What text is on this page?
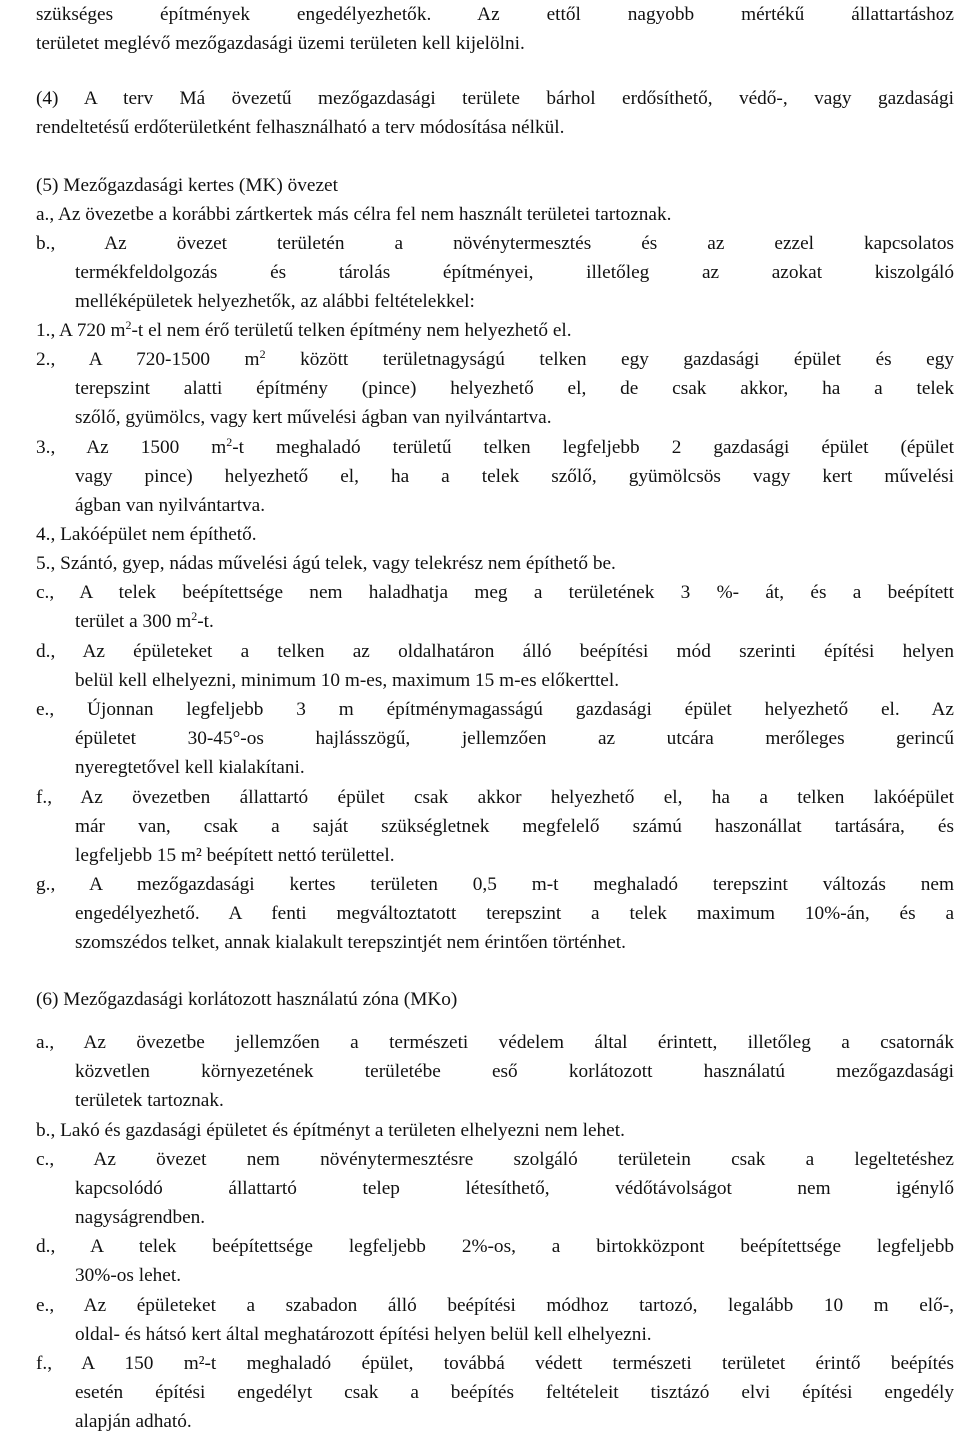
szükséges építmények engedélyezhetők. Az ettől nagyobb mértékű állattartáshoz
területet meglévő mezőgazdasági üzemi területen kell kijelölni.
(4) A terv Má övezetű mezőgazdasági területe bárhol erdősíthető, védő-, vagy gazdasági
rendeltetésű erdőterületként felhasználható a terv módosítása nélkül.
(5) Mezőgazdasági kertes (MK) övezet
a., Az övezetbe a korábbi zártkertek más célra fel nem használt területei tartoznak.
b., Az övezet területén a növénytermesztés és az ezzel kapcsolatos
termékfeldolgozás és tárolás építményei, illetőleg az azokat kiszolgáló
melléképületek helyezhetők, az alábbi feltételekkel:
1., A 720 $m^2-t$ el nem érő területű telken építmény nem helyezhető el.
2., A 720-1500 $m^2$ között területnagyságú telken egy gazdasági épület és egy
terepszint alatti építmény (pince) helyezhető el, de csak akkor, ha a telek
szőlő, gyümölcs, vagy kert művelési ágban van nyilvántartva.
3., Az 1500 $m^2-t$ meghaladó területű telken legfeljebb 2 gazdasági épület (épület
vagy pince) helyezhető el, ha a telek szőlő, gyümölcsös vagy kert művelési
ágban van nyilvántartva.
4., Lakóépület nem építhető.
5., Szántó, gyep, nádas művelési ágú telek, vagy telekrész nem építhető be.
c., A telek beépítettsége nem haladhatja meg a területének 3 %- át, és a beépített
terület a 300 $m^2-t$.
d., Az épületeket a telken az oldalhatáron álló beépítési mód szerinti építési helyen
belül kell elhelyezni, minimum 10 m-es, maximum 15 m-es előkerttel.
e., Újonnan legfeljebb 3 m építménymagasságú gazdasági épület helyezhető el. Az
épületet 30-45°-os hajlásszögű, jellemzően az utcára merőleges gerincű
nyeregtetővel kell kialakítani.
f., Az övezetben állattartó épület csak akkor helyezhető el, ha a telken lakóépület
már van, csak a saját szükségletnek megfelelő számú haszonállat tartására, és
legfeljebb 15 m² beépített nettó területtel.
g., A mezőgazdasági kertes területen 0,5 m-t meghaladó terepszint változás nem
engedélyezhető. A fenti megváltoztatott terepszint a telek maximum 10%-án, és a
szomszédos telket, annak kialakult terepszintjét nem érintően történhet.
(6) Mezőgazdasági korlátozott használatú zóna (MKo)
a., Az övezetbe jellemzően a természeti védelem által érintett, illetőleg a csatornák
közvetlen környezetének területébe eső korlátozott használatú mezőgazdasági
területek tartoznak.
b., Lakó és gazdasági épületet és építményt a területen elhelyezni nem lehet.
c., Az övezet nem növénytermesztésre szolgáló területein csak a legeltetéshez
kapcsolódó állattartó telep létesíthető, védőtávolságot nem igénylő
nagyságrendben.
d., A telek beépítettsége legfeljebb 2%-os, a birtokközpont beépítettsége legfeljebb
30%-os lehet.
e., Az épületeket a szabadon álló beépítési módhoz tartozó, legalább 10 m elő-,
oldal- és hátsó kert által meghatározott építési helyen belül kell elhelyezni.
f., A 150 m²-t meghaladó épület, továbbá védett természeti területet érintő beépítés
esetén építési engedélyt csak a beépítés feltételeit tisztázó elvi építési engedély
alapján adható.
